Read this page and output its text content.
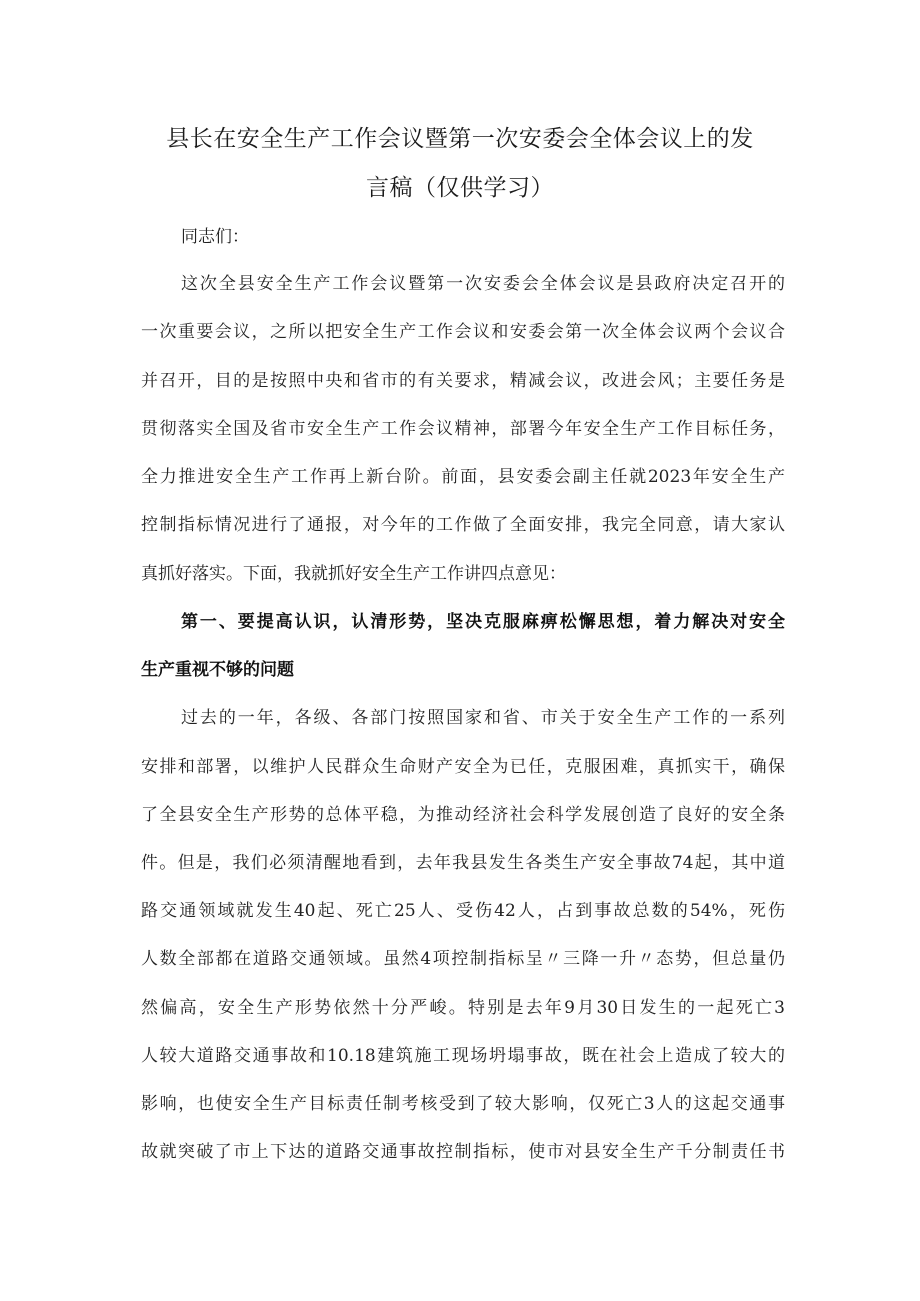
县长在安全生产工作会议暨第一次安委会全体会议上的发
言稿（仅供学习）
同志们：
这次全县安全生产工作会议暨第一次安委会全体会议是县政府决定召开的
一次重要会议，之所以把安全生产工作会议和安委会第一次全体会议两个会议合
并召开，目的是按照中央和省市的有关要求，精减会议，改进会风；主要任务是
贯彻落实全国及省市安全生产工作会议精神，部署今年安全生产工作目标任务，
全力推进安全生产工作再上新台阶。前面，县安委会副主任就2023年安全生产
控制指标情况进行了通报，对今年的工作做了全面安排，我完全同意，请大家认
真抓好落实。下面，我就抓好安全生产工作讲四点意见：
第一、要提高认识，认清形势，坚决克服麻痹松懈思想，着力解决对安全
生产重视不够的问题
过去的一年，各级、各部门按照国家和省、市关于安全生产工作的一系列
安排和部署，以维护人民群众生命财产安全为已任，克服困难，真抓实干，确保
了全县安全生产形势的总体平稳，为推动经济社会科学发展创造了良好的安全条
件。但是，我们必须清醒地看到，去年我县发生各类生产安全事故74起，其中道
路交通领域就发生40起、死亡25人、受伤42人，占到事故总数的54%，死伤
人数全部都在道路交通领域。虽然4项控制指标呈〃三降一升〃态势，但总量仍
然偏高，安全生产形势依然十分严峻。特别是去年9月30日发生的一起死亡3
人较大道路交通事故和10.18建筑施工现场坍塌事故，既在社会上造成了较大的
影响，也使安全生产目标责任制考核受到了较大影响，仅死亡3人的这起交通事
故就突破了市上下达的道路交通事故控制指标，使市对县安全生产千分制责任书
